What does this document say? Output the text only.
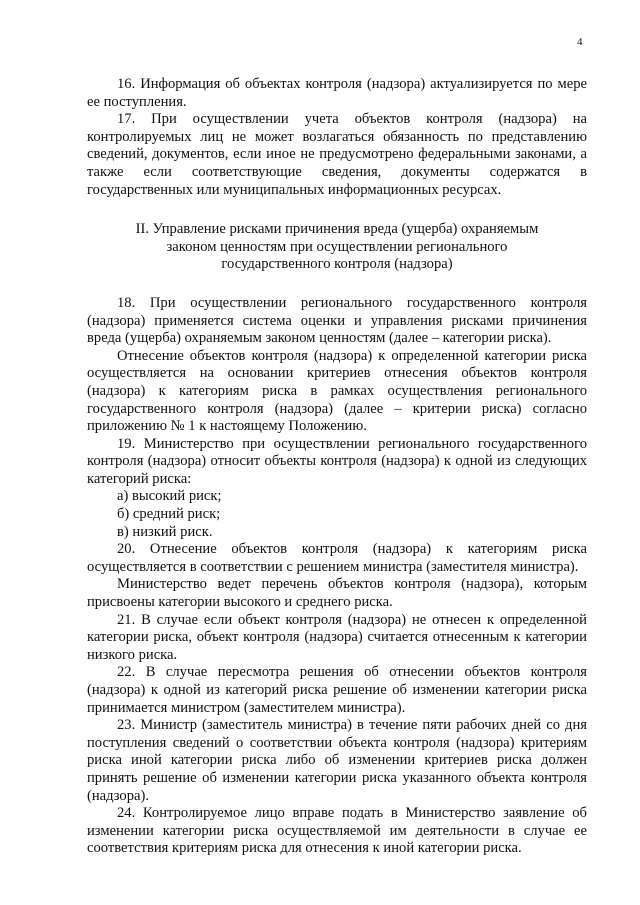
4

16. Информация об объектах контроля (надзора) актуализируется по мере ее поступления.

17. При осуществлении учета объектов контроля (надзора) на контролируемых лиц не может возлагаться обязанность по представлению сведений, документов, если иное не предусмотрено федеральными законами, а также если соответствующие сведения, документы содержатся в государственных или муниципальных информационных ресурсах.

II. Управление рисками причинения вреда (ущерба) охраняемым
законом ценностям при осуществлении регионального
государственного контроля (надзора)

18. При осуществлении регионального государственного контроля (надзора) применяется система оценки и управления рисками причинения вреда (ущерба) охраняемым законом ценностям (далее – категории риска).

Отнесение объектов контроля (надзора) к определенной категории риска осуществляется на основании критериев отнесения объектов контроля (надзора) к категориям риска в рамках осуществления регионального государственного контроля (надзора) (далее – критерии риска) согласно приложению № 1 к настоящему Положению.

19. Министерство при осуществлении регионального государственного контроля (надзора) относит объекты контроля (надзора) к одной из следующих категорий риска:

а) высокий риск;

б) средний риск;

в) низкий риск.

20. Отнесение объектов контроля (надзора) к категориям риска осуществляется в соответствии с решением министра (заместителя министра).

Министерство ведет перечень объектов контроля (надзора), которым присвоены категории высокого и среднего риска.

21. В случае если объект контроля (надзора) не отнесен к определенной категории риска, объект контроля (надзора) считается отнесенным к категории низкого риска.

22. В случае пересмотра решения об отнесении объектов контроля (надзора) к одной из категорий риска решение об изменении категории риска принимается министром (заместителем министра).

23. Министр (заместитель министра) в течение пяти рабочих дней со дня поступления сведений о соответствии объекта контроля (надзора) критериям риска иной категории риска либо об изменении критериев риска должен принять решение об изменении категории риска указанного объекта контроля (надзора).

24. Контролируемое лицо вправе подать в Министерство заявление об изменении категории риска осуществляемой им деятельности в случае ее соответствия критериям риска для отнесения к иной категории риска.
